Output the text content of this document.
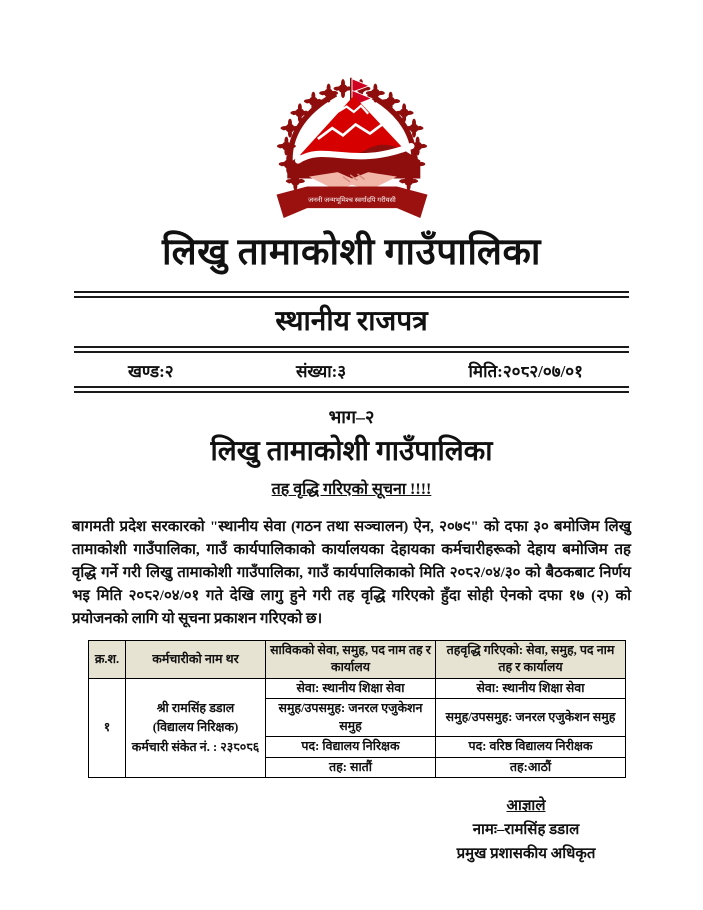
जननी जन्मभूमिश्च स्वर्गादपि गरीयसी
लिखु तामाकोशी गाउँपालिका
स्थानीय राजपत्र
खण्ड:२	संख्या:३	मिति:२०८२/०७/०१
भाग–२
लिखु तामाकोशी गाउँपालिका
तह वृद्धि गरिएको सूचना !!!!

बागमती प्रदेश सरकारको "स्थानीय सेवा (गठन तथा सञ्चालन) ऐन, २०७९" को दफा ३० बमोजिम लिखु तामाकोशी गाउँपालिका, गाउँ कार्यपालिकाको कार्यालयका देहायका कर्मचारीहरूको देहाय बमोजिम तह वृद्धि गर्ने गरी लिखु तामाकोशी गाउँपालिका, गाउँ कार्यपालिकाको मिति २०८२/०४/३० को बैठकबाट निर्णय भइ मिति २०८२/०४/०१ गते देखि लागु हुने गरी तह वृद्धि गरिएको हुँदा सोही ऐनको दफा १७ (२) को प्रयोजनको लागि यो सूचना प्रकाशन गरिएको छ।

क्र.श.	कर्मचारीको नाम थर	साविकको सेवा, समुह, पद नाम तह र कार्यालय	तहवृद्धि गरिएको: सेवा, समुह, पद नाम तह र कार्यालय
१	श्री रामसिंह डडाल
(विद्यालय निरिक्षक)
कर्मचारी संकेत नं. : २३८०८६	सेवा: स्थानीय शिक्षा सेवा	सेवा: स्थानीय शिक्षा सेवा
		समुह/उपसमुह: जनरल एजुकेशन समुह	समुह/उपसमुह: जनरल एजुकेशन समुह
		पद: विद्यालय निरिक्षक	पद: वरिष्ठ विद्यालय निरीक्षक
		तह: सातौं	तह:आठौं
आज्ञाले
नामः–रामसिंह डडाल
प्रमुख प्रशासकीय अधिकृत
